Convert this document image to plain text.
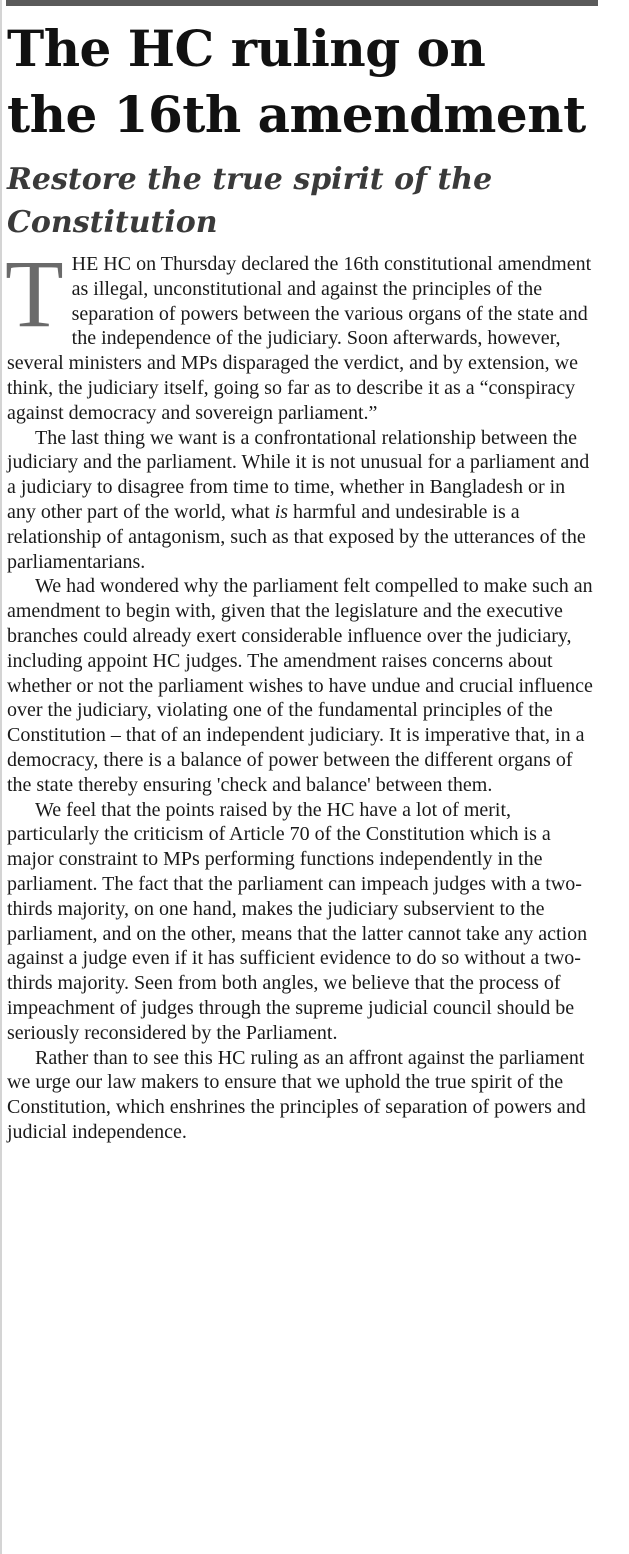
The HC ruling on
the 16th amendment
Restore the true spirit of the
Constitution

THE HC on Thursday declared the 16th constitutional amendment as illegal, unconstitutional and against the principles of the separation of powers between the various organs of the state and the independence of the judiciary. Soon afterwards, however, several ministers and MPs disparaged the verdict, and by extension, we think, the judiciary itself, going so far as to describe it as a “conspiracy against democracy and sovereign parliament.”

The last thing we want is a confrontational relationship between the judiciary and the parliament. While it is not unusual for a parliament and a judiciary to disagree from time to time, whether in Bangladesh or in any other part of the world, what is harmful and undesirable is a relationship of antagonism, such as that exposed by the utterances of the parliamentarians.

We had wondered why the parliament felt compelled to make such an amendment to begin with, given that the legislature and the executive branches could already exert considerable influence over the judiciary, including appoint HC judges. The amendment raises concerns about whether or not the parliament wishes to have undue and crucial influence over the judiciary, violating one of the fundamental principles of the Constitution – that of an independent judiciary. It is imperative that, in a democracy, there is a balance of power between the different organs of the state thereby ensuring 'check and balance' between them.

We feel that the points raised by the HC have a lot of merit, particularly the criticism of Article 70 of the Constitution which is a major constraint to MPs performing functions independently in the parliament. The fact that the parliament can impeach judges with a two-thirds majority, on one hand, makes the judiciary subservient to the parliament, and on the other, means that the latter cannot take any action against a judge even if it has sufficient evidence to do so without a two-thirds majority. Seen from both angles, we believe that the process of impeachment of judges through the supreme judicial council should be seriously reconsidered by the Parliament.

Rather than to see this HC ruling as an affront against the parliament we urge our law makers to ensure that we uphold the true spirit of the Constitution, which enshrines the principles of separation of powers and judicial independence.
